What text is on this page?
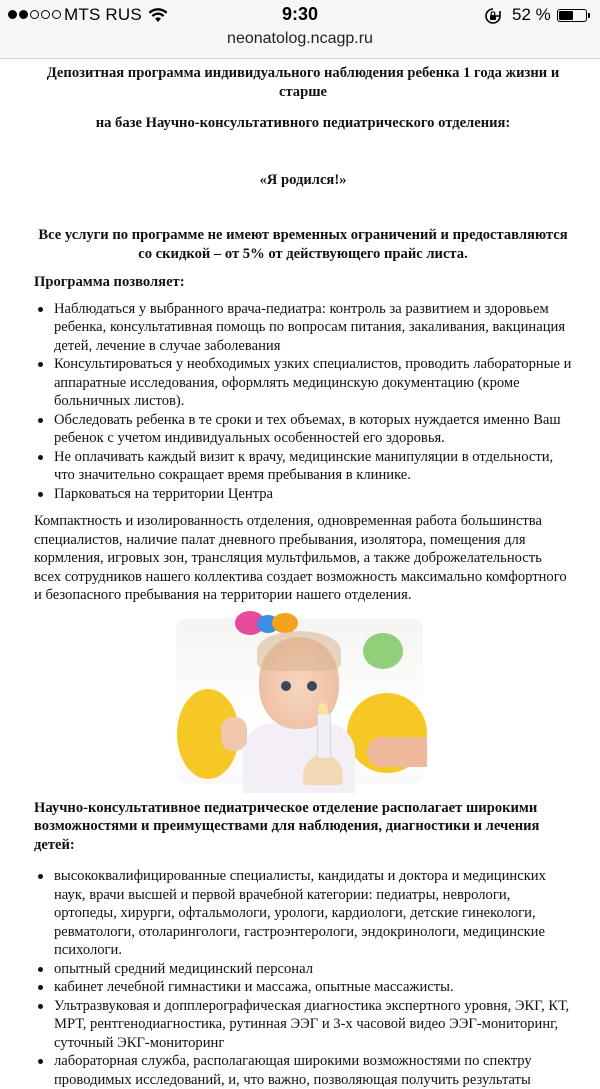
MTS RUS	9:30	52 %
neonatolog.ncagp.ru

Депозитная программа индивидуального наблюдения ребенка 1 года жизни и старше

на базе Научно-консультативного педиатрического отделения:

«Я родился!»

Все услуги по программе не имеют временных ограничений и предоставляются со скидкой – от 5% от действующего прайс листа.

Программа позволяет:

Наблюдаться у выбранного врача-педиатра: контроль за развитием и здоровьем ребенка, консультативная помощь по вопросам питания, закаливания, вакцинация детей, лечение в случае заболевания
Консультироваться у необходимых узких специалистов, проводить лабораторные и аппаратные исследования, оформлять медицинскую документацию (кроме больничных листов).
Обследовать ребенка в те сроки и тех объемах, в которых нуждается именно Ваш ребенок с учетом индивидуальных особенностей его здоровья.
Не оплачивать каждый визит к врачу, медицинские манипуляции в отдельности, что значительно сокращает время пребывания в клинике.
Парковаться на территории Центра

Компактность и изолированность отделения, одновременная работа большинства специалистов, наличие палат дневного пребывания, изолятора, помещения для кормления, игровых зон, трансляция мультфильмов, а также доброжелательность всех сотрудников нашего коллектива создает возможность максимально комфортного и безопасного пребывания на территории нашего отделения.

Научно-консультативное педиатрическое отделение располагает широкими возможностями и преимуществами для наблюдения, диагностики и лечения детей:

высококвалифицированные специалисты, кандидаты и доктора и медицинских наук, врачи высшей и первой врачебной категории: педиатры, неврологи, ортопеды, хирурги, офтальмологи, урологи, кардиологи, детские гинекологи, ревматологи, отоларингологи, гастроэнтерологи, эндокринологи, медицинские психологи.
опытный средний медицинский персонал
кабинет лечебной гимнастики и массажа, опытные массажисты.
Ультразвуковая и допплерографическая диагностика экспертного уровня, ЭКГ, КТ, МРТ, рентгенодиагностика, рутинная ЭЭГ и 3-х часовой видео ЭЭГ-мониторинг, суточный ЭКГ-мониторинг
лабораторная служба, располагающая широкими возможностями по спектру проводимых исследований, и, что важно, позволяющая получить результаты
